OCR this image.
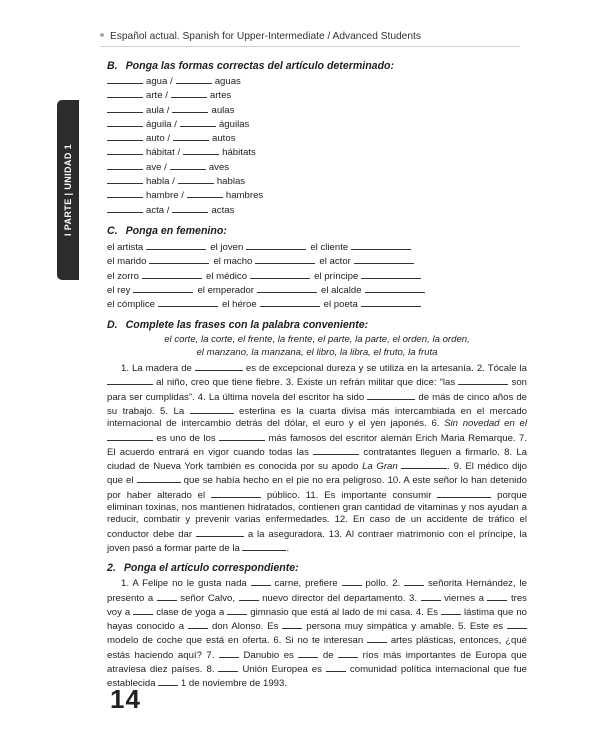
Español actual. Spanish for Upper-Intermediate / Advanced Students
I PARTE | UNIDAD 1

B. Ponga las formas correctas del artículo determinado:

agua /	aguas
arte /	artes
aula /	aulas
águila /	águilas
auto /	autos
hábitat /	hábitats
ave /	aves
habla /	hablas
hambre /	hambres
acta /	actas

C. Ponga en femenino:

el artista	el joven	el cliente
el marido	el macho	el actor
el zorro	el médico	el príncipe
el rey	el emperador	el alcalde
el cómplice	el héroe	el poeta

D. Complete las frases con la palabra conveniente:

el corte, la corte, el frente, la frente, el parte, la parte, el orden, la orden,
el manzano, la manzana, el libro, la libra, el fruto, la fruta
1. La madera de	es de excepcional dureza y se utiliza en la artesanía. 2. Tócale la  al niño, creo que tiene fiebre. 3. Existe un refrán militar que dice: “las	son para ser cumplidas”. 4. La última novela del escritor ha sido	de más de cinco años de su trabajo. 5. La	esterlina es la cuarta divisa más intercambiada en el mercado internacional de intercambio detrás del dólar, el euro y el yen japonés. 6. Sin novedad en el  es uno de los	más famosos del escritor alemán Erich Maria Remarque. 7. El acuerdo entrará en vigor cuando todas las	contratantes lleguen a firmarlo. 8. La ciudad de Nueva York también es conocida por su apodo La Gran	. 9. El médico dijo que el	que se había hecho en el pie no era peligroso. 10. A este señor lo han detenido por haber alterado el	público. 11. Es importante consumir	porque eliminan toxinas, nos mantienen hidratados, contienen gran cantidad de vitaminas y nos ayudan a reducir, combatir y prevenir varias enfermedades. 12. En caso de un accidente de tráfico el conductor debe dar	a la aseguradora. 13. Al contraer matrimonio con el príncipe, la joven pasó a formar parte de la	.

2. Ponga el artículo correspondiente:

1. A Felipe no le gusta nada  carne, prefiere  pollo. 2.  señorita Hernández, le presento a  señor Calvo,  nuevo director del departamento. 3.  viernes a  tres voy a  clase de yoga a  gimnasio que está al lado de mi casa. 4. Es  lástima que no hayas conocido a  don Alonso. Es  persona muy simpática y amable. 5. Este es  modelo de coche que está en oferta. 6. Si no te interesan  artes plásticas, entonces, ¿qué estás haciendo aquí? 7.  Danubio es  de  ríos más importantes de Europa que atraviesa diez países. 8.  Unión Europea es  comunidad política internacional que fue establecida  1 de noviembre de 1993.
14
